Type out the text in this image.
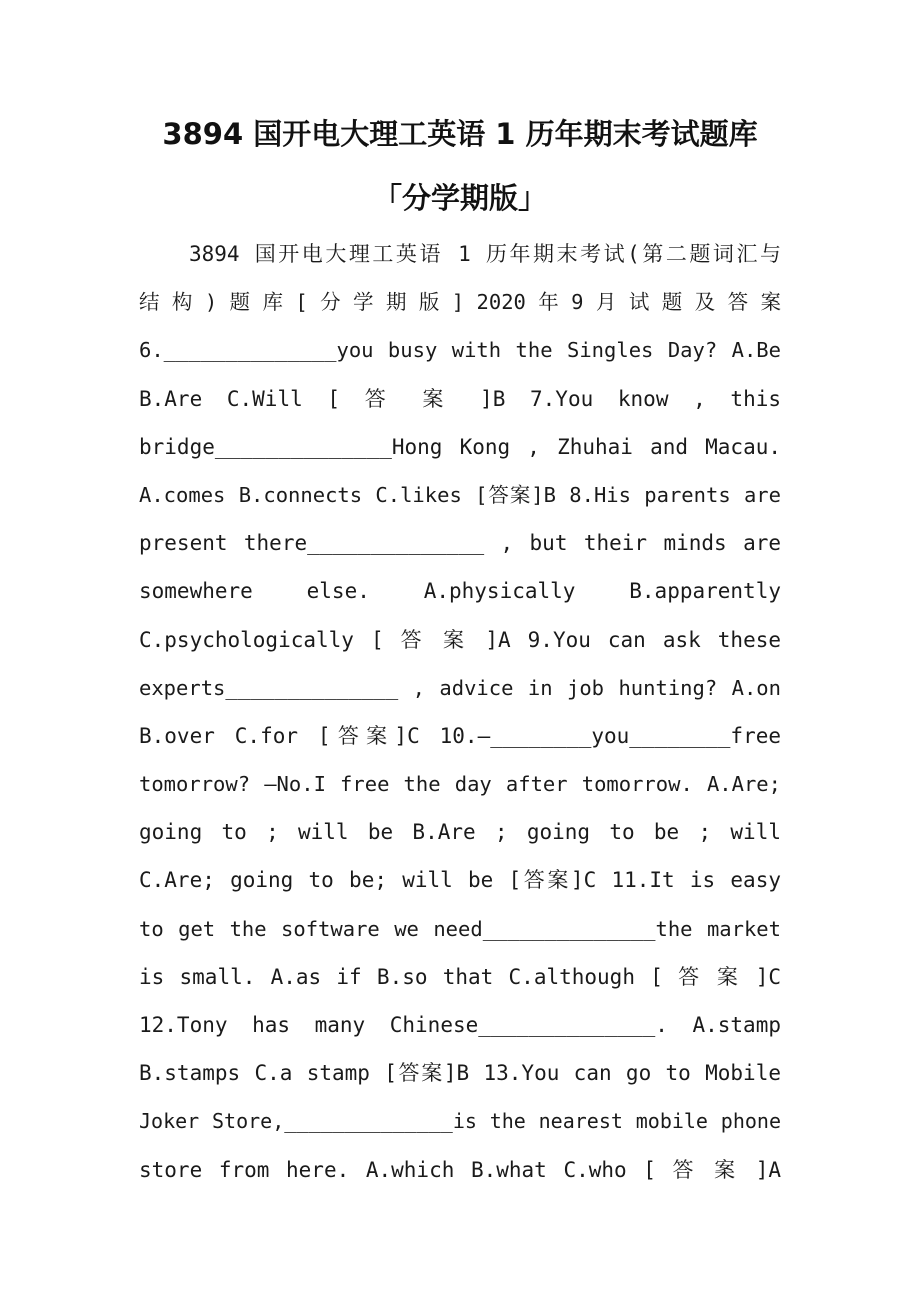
3894 国开电大理工英语 1 历年期末考试题库
「分学期版」
3894 国开电大理工英语 1 历年期末考试(第二题词汇与
结 构 ) 题 库 [ 分 学 期 版 ] 2020 年 9 月 试 题 及 答 案
6.______________you busy with the Singles Day? A.Be
B.Are C.Will [ 答 案 ]B 7.You know , this
bridge______________Hong Kong , Zhuhai and Macau.
A.comes B.connects C.likes [答案]B 8.His parents are
present there______________ , but their minds are
somewhere else. A.physically B.apparently
C.psychologically [ 答 案 ]A 9.You can ask these
experts______________ , advice in job hunting? A.on
B.over C.for [答案]C 10.—________you________free
tomorrow? —No.I free the day after tomorrow. A.Are;
going to ; will be B.Are ; going to be ; will
C.Are; going to be; will be [答案]C 11.It is easy
to get the software we need______________the market
is small. A.as if B.so that C.although [ 答 案 ]C
12.Tony has many Chinese______________. A.stamp
B.stamps C.a stamp [答案]B 13.You can go to Mobile
Joker Store,______________is the nearest mobile phone
store from here. A.which B.what C.who [ 答 案 ]A
